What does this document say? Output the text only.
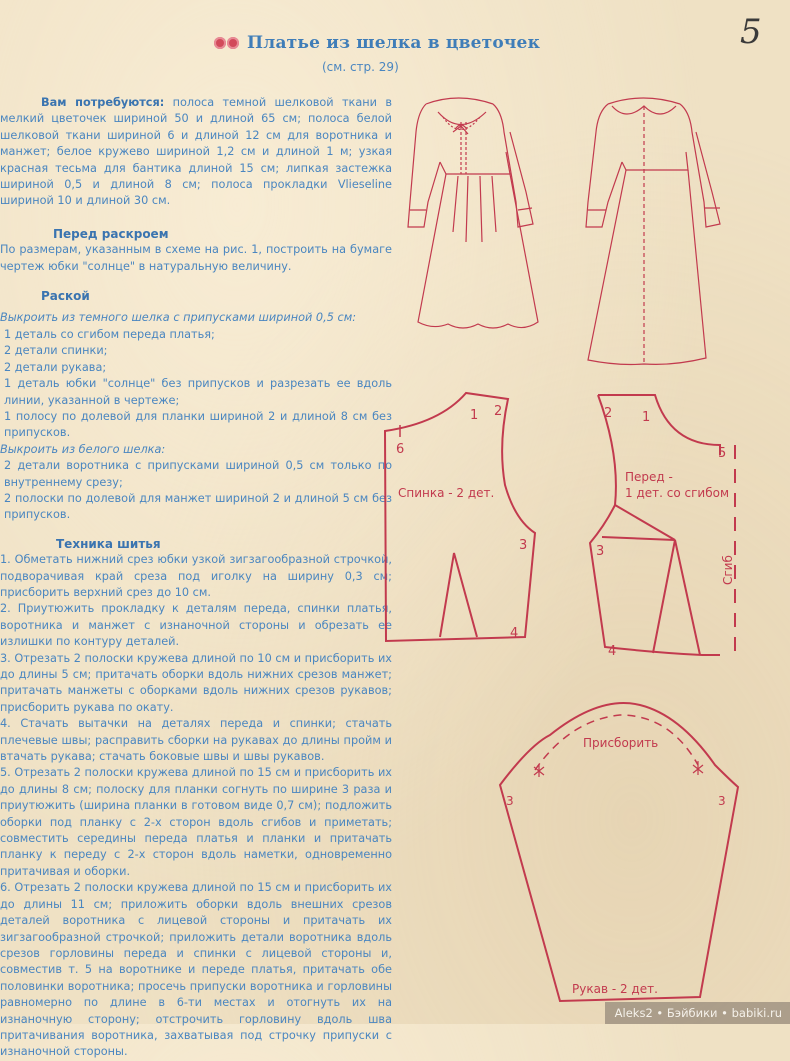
5
Платье из шелка в цветочек
(см. стр. 29)

Вам потребуются: полоса темной шелковой ткани в мелкий цветочек шириной 50 и длиной 65 см; полоса белой шелковой ткани шириной 6 и длиной 12 см для воротника и манжет; белое кружево шириной 1,2 см и длиной 1 м; узкая красная тесьма для бантика длиной 15 см; липкая застежка шириной 0,5 и длиной 8 см; полоса прокладки Vlieseline шириной 10 и длиной 30 см.

Перед раскроем

По размерам, указанным в схеме на рис. 1, построить на бумаге чертеж юбки "солнце" в натуральную величину.

Раской

Выкроить из темного шелка с припусками шириной 0,5 см:

1 деталь со сгибом переда платья;

2 детали спинки;

2 детали рукава;

1 деталь юбки "солнце" без припусков и разрезать ее вдоль линии, указанной в чертеже;

1 полосу по долевой для планки шириной 2 и длиной 8 см без припусков.

Выкроить из белого шелка:

2 детали воротника с припусками шириной 0,5 см только по внутреннему срезу;

2 полоски по долевой для манжет шириной 2 и длиной 5 см без припусков.

Техника шитья

1. Обметать нижний срез юбки узкой зигзагообразной строчкой, подворачивая край среза под иголку на ширину 0,3 см; присборить верхний срез до 10 см.

2. Приутюжить прокладку к деталям переда, спинки платья, воротника и манжет с изнаночной стороны и обрезать ее излишки по контуру деталей.

3. Отрезать 2 полоски кружева длиной по 10 см и присборить их до длины 5 см; притачать оборки вдоль нижних срезов манжет; притачать манжеты с оборками вдоль нижних срезов рукавов; присборить рукава по окату.

4. Стачать вытачки на деталях переда и спинки; стачать плечевые швы; расправить сборки на рукавах до длины пройм и втачать рукава; стачать боковые швы и швы рукавов.

5. Отрезать 2 полоски кружева длиной по 15 см и присборить их до длины 8 см; полоску для планки согнуть по ширине 3 раза и приутюжить (ширина планки в готовом виде 0,7 см); подложить оборки под планку с 2-х сторон вдоль сгибов и приметать; совместить середины переда платья и планки и притачать планку к переду с 2-х сторон вдоль наметки, одновременно притачивая и оборки.

6. Отрезать 2 полоски кружева длиной по 15 см и присборить их до длины 11 см; приложить оборки вдоль внешних срезов деталей воротника с лицевой стороны и притачать их зигзагообразной строчкой; приложить детали воротника вдоль срезов горловины переда и спинки с лицевой стороны и, совместив т. 5 на воротнике и переде платья, притачать обе половинки воротника; просечь припуски воротника и горловины равномерно по длине в 6-ти местах и отогнуть их на изнаночную сторону; отстрочить горловину вдоль шва притачивания воротника, захватывая под строчку припуски с изнаночной стороны.

1 2
3
4
6
Спинка - 2 дет.
2 1
5
3
4
Перед -
1 дет. со сгибом
Сгиб
Присборить
3	3
Рукав - 2 дет.
Aleks2 • Бэйбики • babiki.ru
